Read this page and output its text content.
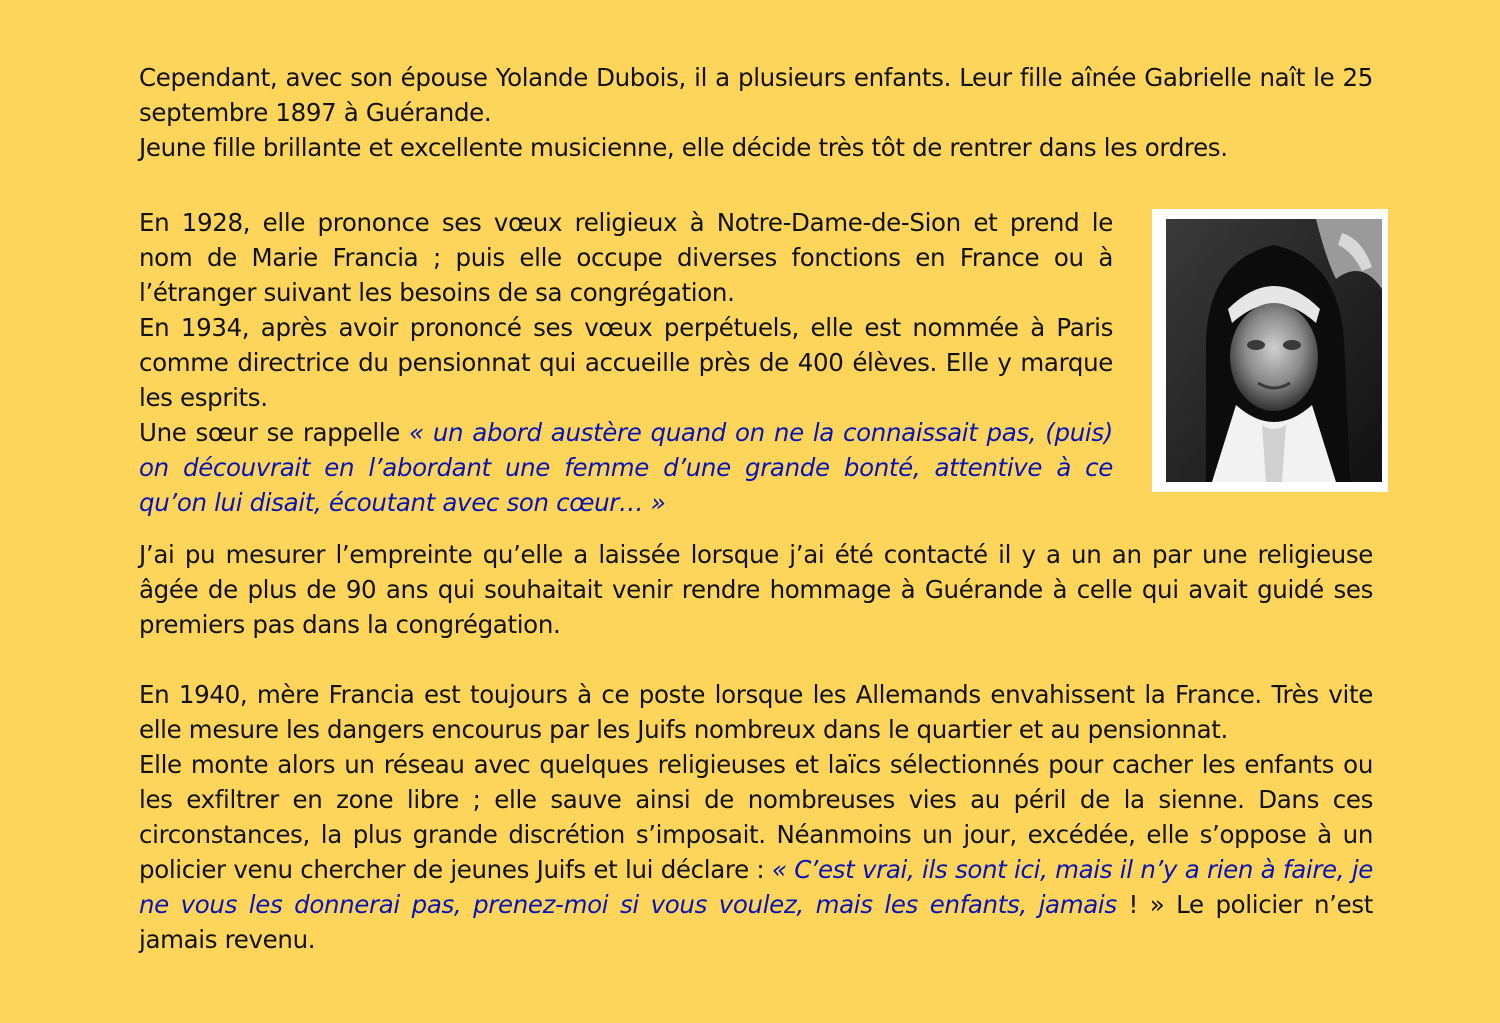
Cependant, avec son épouse Yolande Dubois, il a plusieurs enfants. Leur fille aînée Gabrielle naît le 25 septembre 1897 à Guérande.
Jeune fille brillante et excellente musicienne, elle décide très tôt de rentrer dans les ordres.

En 1928, elle prononce ses vœux religieux à Notre-Dame-de-Sion et prend le nom de Marie Francia ; puis elle occupe diverses fonctions en France ou à l’étranger suivant les besoins de sa congrégation.
En 1934, après avoir prononcé ses vœux perpétuels, elle est nommée à Paris comme directrice du pensionnat qui accueille près de 400 élèves. Elle y marque les esprits.
Une sœur se rappelle « un abord austère quand on ne la connaissait pas, (puis) on découvrait en l’abordant une femme d’une grande bonté, attentive à ce qu’on lui disait, écoutant avec son cœur… »

J’ai pu mesurer l’empreinte qu’elle a laissée lorsque j’ai été contacté il y a un an par une religieuse âgée de plus de 90 ans qui souhaitait venir rendre hommage à Guérande à celle qui avait guidé ses premiers pas dans la congrégation.

En 1940, mère Francia est toujours à ce poste lorsque les Allemands envahissent la France. Très vite elle mesure les dangers encourus par les Juifs nombreux dans le quartier et au pensionnat.
Elle monte alors un réseau avec quelques religieuses et laïcs sélectionnés pour cacher les enfants ou les exfiltrer en zone libre ; elle sauve ainsi de nombreuses vies au péril de la sienne. Dans ces circonstances, la plus grande discrétion s’imposait. Néanmoins un jour, excédée, elle s’oppose à un policier venu chercher de jeunes Juifs et lui déclare : « C’est vrai, ils sont ici, mais il n’y a rien à faire, je ne vous les donnerai pas, prenez-moi si vous voulez, mais les enfants, jamais ! » Le policier n’est jamais revenu.
